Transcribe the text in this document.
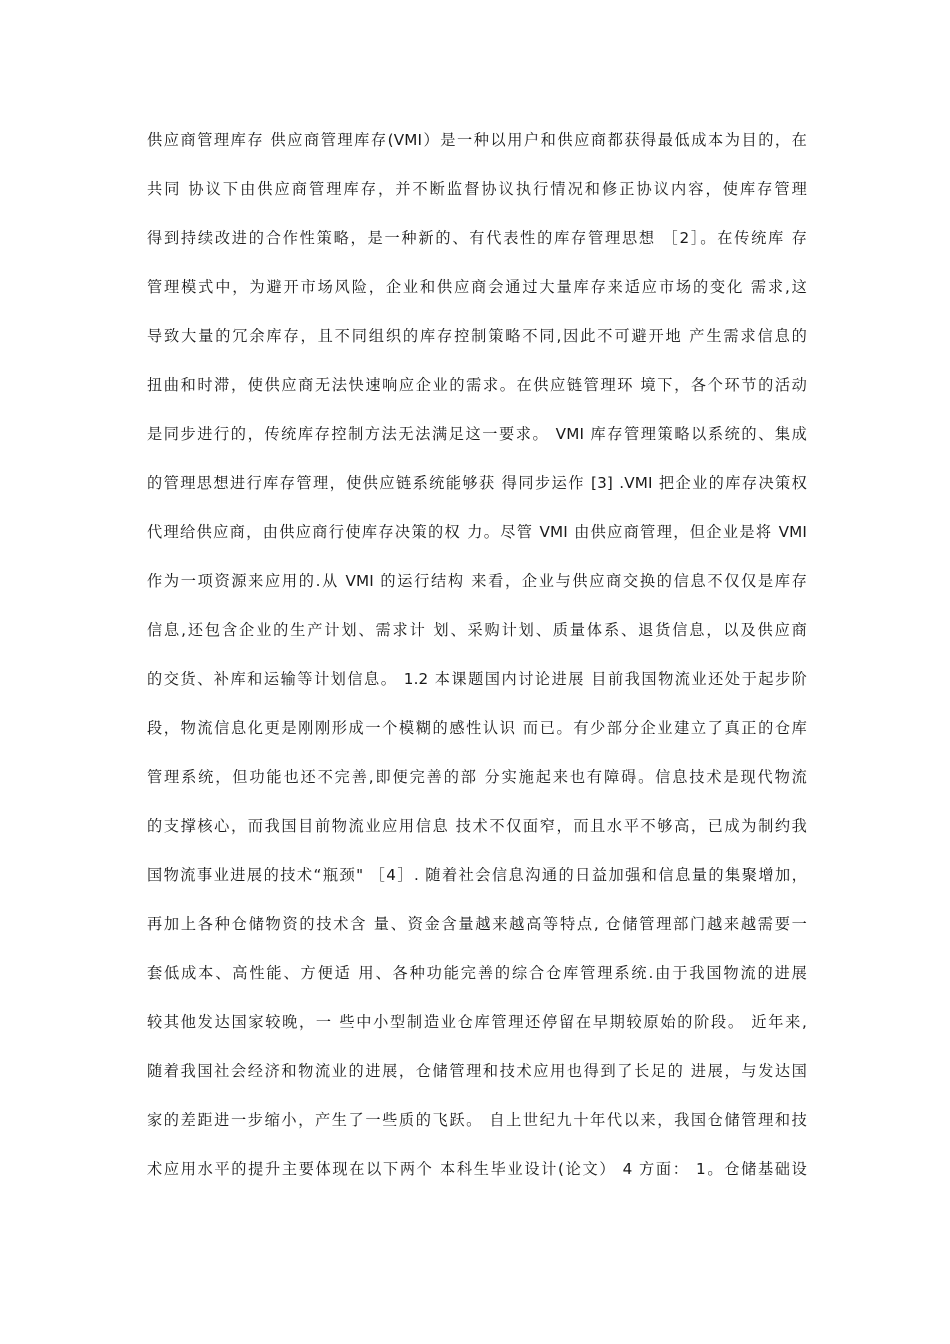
供应商管理库存 供应商管理库存(VMI）是一种以用户和供应商都获得最低成本为目的，在
共同 协议下由供应商管理库存，并不断监督协议执行情况和修正协议内容，使库存管理
得到持续改进的合作性策略，是一种新的、有代表性的库存管理思想 ［2］。在传统库 存
管理模式中，为避开市场风险，企业和供应商会通过大量库存来适应市场的变化 需求,这
导致大量的冗余库存，且不同组织的库存控制策略不同,因此不可避开地 产生需求信息的
扭曲和时滞，使供应商无法快速响应企业的需求。在供应链管理环 境下，各个环节的活动
是同步进行的，传统库存控制方法无法满足这一要求。 VMI 库存管理策略以系统的、集成
的管理思想进行库存管理，使供应链系统能够获 得同步运作 [3] .VMI 把企业的库存决策权
代理给供应商，由供应商行使库存决策的权 力。尽管 VMI 由供应商管理，但企业是将 VMI
作为一项资源来应用的.从 VMI 的运行结构 来看，企业与供应商交换的信息不仅仅是库存
信息,还包含企业的生产计划、需求计 划、采购计划、质量体系、退货信息，以及供应商
的交货、补库和运输等计划信息。 1.2 本课题国内讨论进展 目前我国物流业还处于起步阶
段，物流信息化更是刚刚形成一个模糊的感性认识 而已。有少部分企业建立了真正的仓库
管理系统，但功能也还不完善,即便完善的部 分实施起来也有障碍。信息技术是现代物流
的支撑核心，而我国目前物流业应用信息 技术不仅面窄，而且水平不够高，已成为制约我
国物流事业进展的技术“瓶颈" ［4］. 随着社会信息沟通的日益加强和信息量的集聚增加，
再加上各种仓储物资的技术含 量、资金含量越来越高等特点, 仓储管理部门越来越需要一
套低成本、高性能、方便适 用、各种功能完善的综合仓库管理系统.由于我国物流的进展
较其他发达国家较晚，一 些中小型制造业仓库管理还停留在早期较原始的阶段。 近年来,
随着我国社会经济和物流业的进展，仓储管理和技术应用也得到了长足的 进展，与发达国
家的差距进一步缩小，产生了一些质的飞跃。 自上世纪九十年代以来，我国仓储管理和技
术应用水平的提升主要体现在以下两个 本科生毕业设计(论文） 4 方面： 1。仓储基础设
